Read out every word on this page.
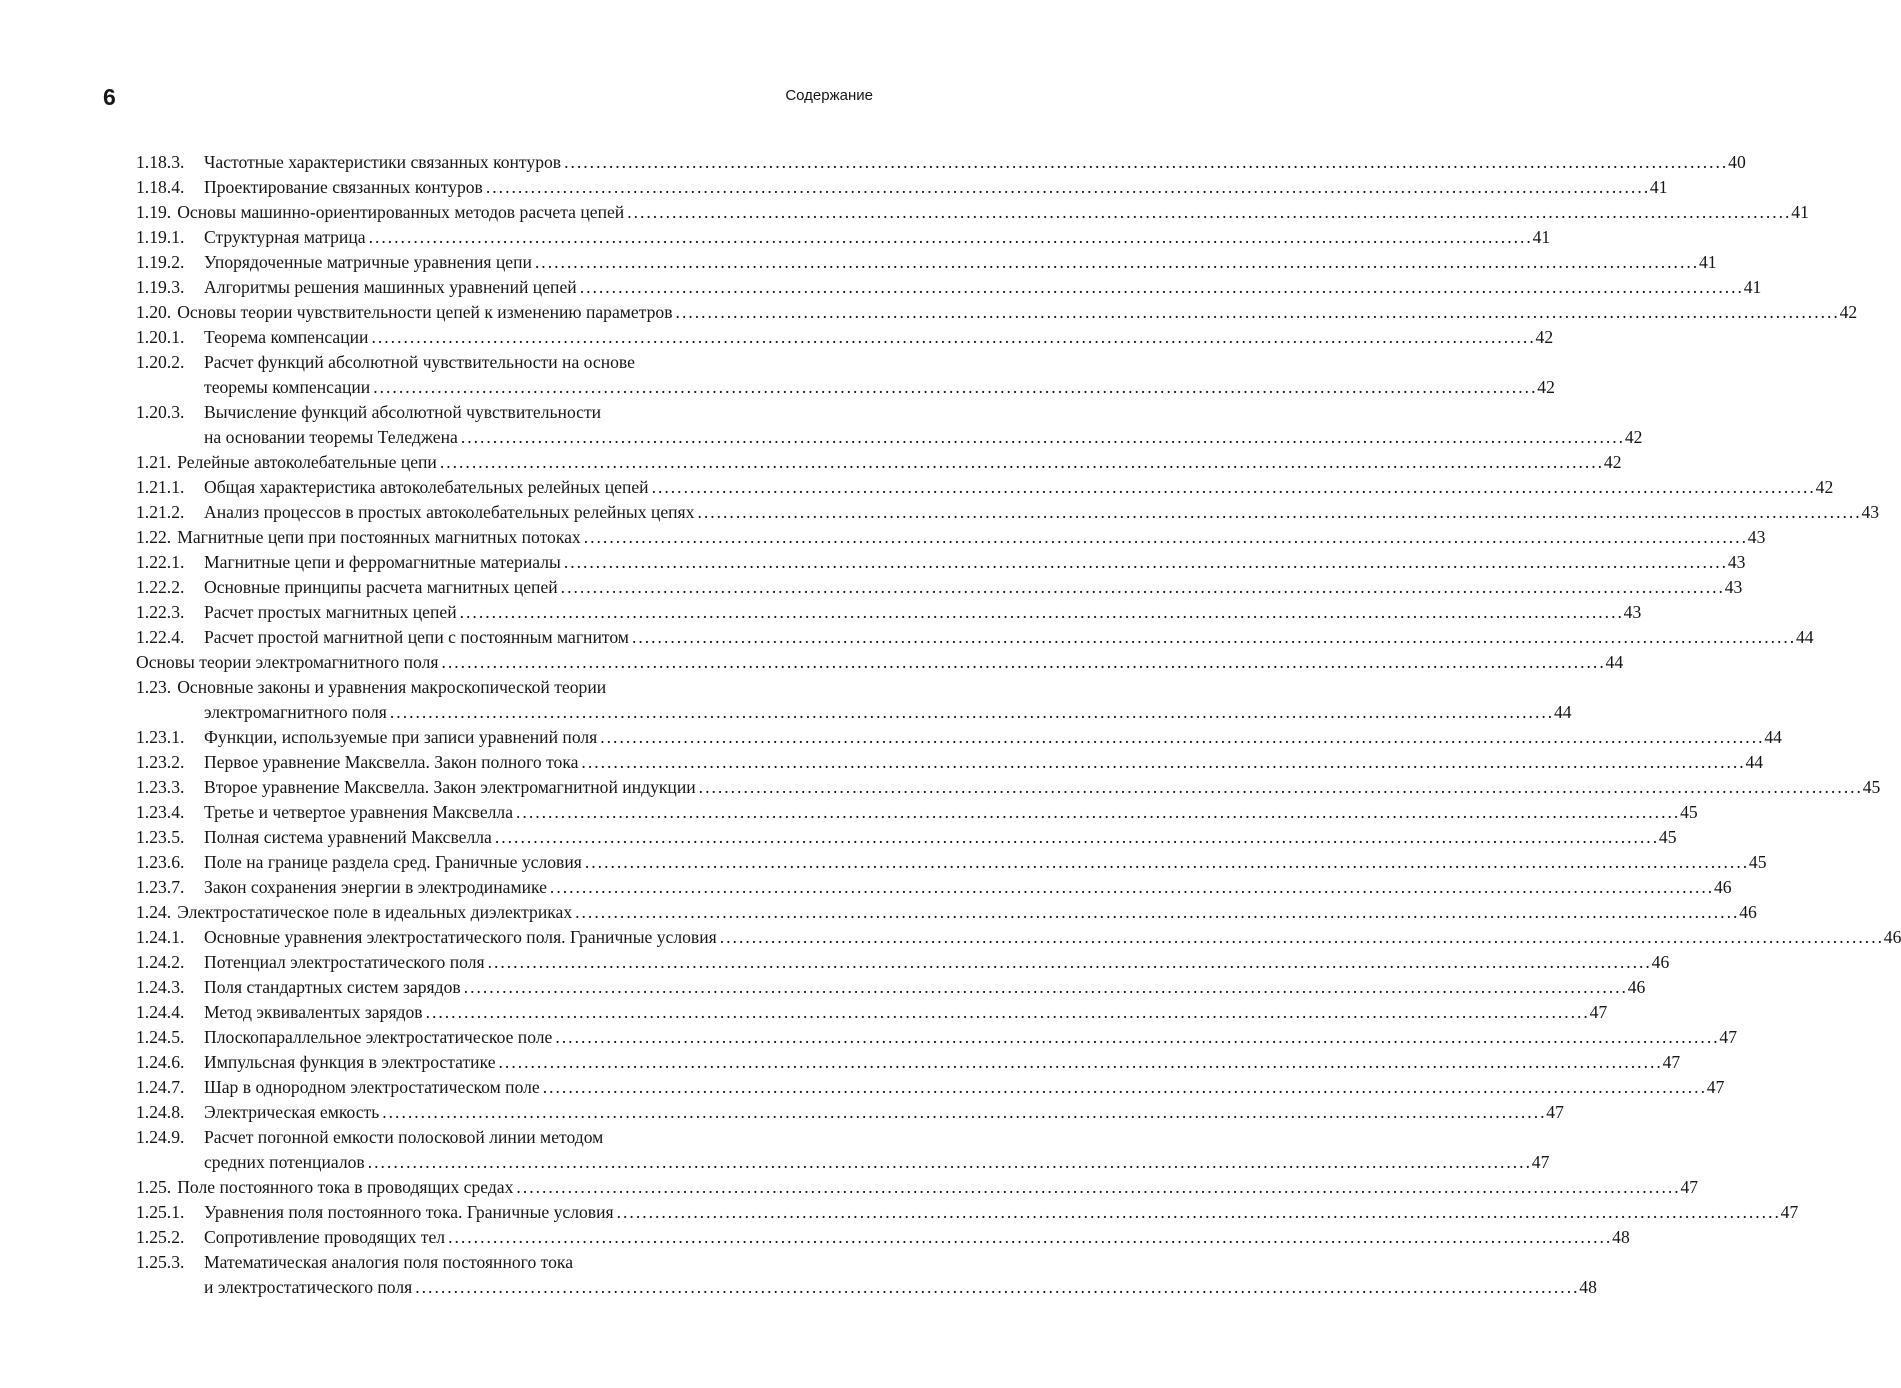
6	Содержание
1.18.3.	Частотные характеристики связанных контуров . . .	40
1.18.4.	Проектирование связанных контуров . . .	41
1.19. Основы машинно-ориентированных методов расчета цепей . . .	41
1.19.1.	Структурная матрица . . .	41
1.19.2.	Упорядоченные матричные уравнения цепи . . .	41
1.19.3.	Алгоритмы решения машинных уравнений цепей . . .	41
1.20. Основы теории чувствительности цепей к изменению параметров . . .	42
1.20.1.	Теорема компенсации . . .	42
1.20.2.	Расчет функций абсолютной чувствительности на основе
теоремы компенсации . . .	42
1.20.3.	Вычисление функций абсолютной чувствительности
на основании теоремы Теледжена . . .	42
1.21. Релейные автоколебательные цепи . . .	42
1.21.1.	Общая характеристика автоколебательных релейных цепей . . .	42
1.21.2.	Анализ процессов в простых автоколебательных релейных цепях . . .	43
1.22. Магнитные цепи при постоянных магнитных потоках . . .	43
1.22.1.	Магнитные цепи и ферромагнитные материалы . . .	43
1.22.2.	Основные принципы расчета магнитных цепей . . .	43
1.22.3.	Расчет простых магнитных цепей . . .	43
1.22.4.	Расчет простой магнитной цепи с постоянным магнитом . . .	44
Основы теории электромагнитного поля . . .	44
1.23. Основные законы и уравнения макроскопической теории
электромагнитного поля . . .	44
1.23.1.	Функции, используемые при записи уравнений поля . . .	44
1.23.2.	Первое уравнение Максвелла. Закон полного тока . . .	44
1.23.3.	Второе уравнение Максвелла. Закон электромагнитной индукции . . .	45
1.23.4.	Третье и четвертое уравнения Максвелла . . .	45
1.23.5.	Полная система уравнений Максвелла . . .	45
1.23.6.	Поле на границе раздела сред. Граничные условия . . .	45
1.23.7.	Закон сохранения энергии в электродинамике . . .	46
1.24. Электростатическое поле в идеальных диэлектриках . . .	46
1.24.1.	Основные уравнения электростатического поля. Граничные условия . . .	46
1.24.2.	Потенциал электростатического поля . . .	46
1.24.3.	Поля стандартных систем зарядов . . .	46
1.24.4.	Метод эквивалентых зарядов . . .	47
1.24.5.	Плоскопараллельное электростатическое поле . . .	47
1.24.6.	Импульсная функция в электростатике . . .	47
1.24.7.	Шар в однородном электростатическом поле . . .	47
1.24.8.	Электрическая емкость . . .	47
1.24.9.	Расчет погонной емкости полосковой линии методом
средних потенциалов . . .	47
1.25. Поле постоянного тока в проводящих средах . . .	47
1.25.1.	Уравнения поля постоянного тока. Граничные условия . . .	47
1.25.2.	Сопротивление проводящих тел . . .	48
1.25.3.	Математическая аналогия поля постоянного тока
и электростатического поля . . .	48
